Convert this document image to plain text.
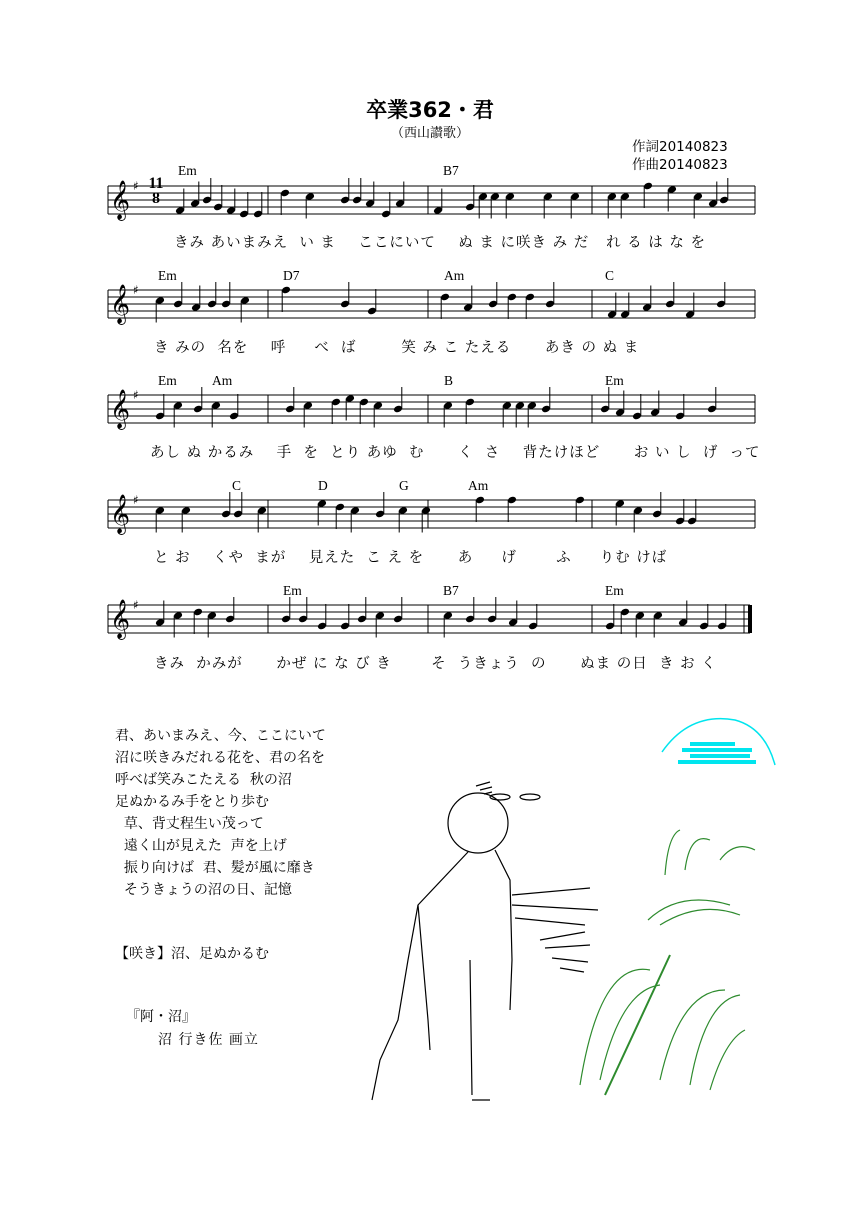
卒業362・君
（西山讃歌）
作詞20140823
作曲20140823
𝄞 ♯
𝄞 ♯
𝄞 ♯
𝄞 ♯
𝄞 ♯
11
8
Em	B7
きみ あいまみえ  い ま    ここにいて    ぬ ま に咲き み だ   れ る は な を
Em	D7	Am	C
き みの  名を    呼     べ  ば        笑 み こ たえる      あき の ぬ ま
Em	Am	B	Em
あし ぬ かるみ    手  を  とり あゆ  む      く  さ    背たけほど      お い し  げ  って
C	D	G	Am
と お    くや  まが    見えた  こ え を      あ     げ       ふ     りむ けば
Em	B7	Em
きみ  かみが      かぜ に な び き       そ  うきょう  の      ぬま の日  き お く
君、あいまみえ、今、ここにいて
沼に咲きみだれる花を、君の名を
呼べば笑みこたえる  秋の沼
足ぬかるみ手をとり歩む
草、背丈程生い茂って
遠く山が見えた  声を上げ
振り向けば  君、髪が風に靡き
そうきょうの沼の日、記憶
【咲き】沼、足ぬかるむ
『阿・沼』
沼 行き佐 画立
